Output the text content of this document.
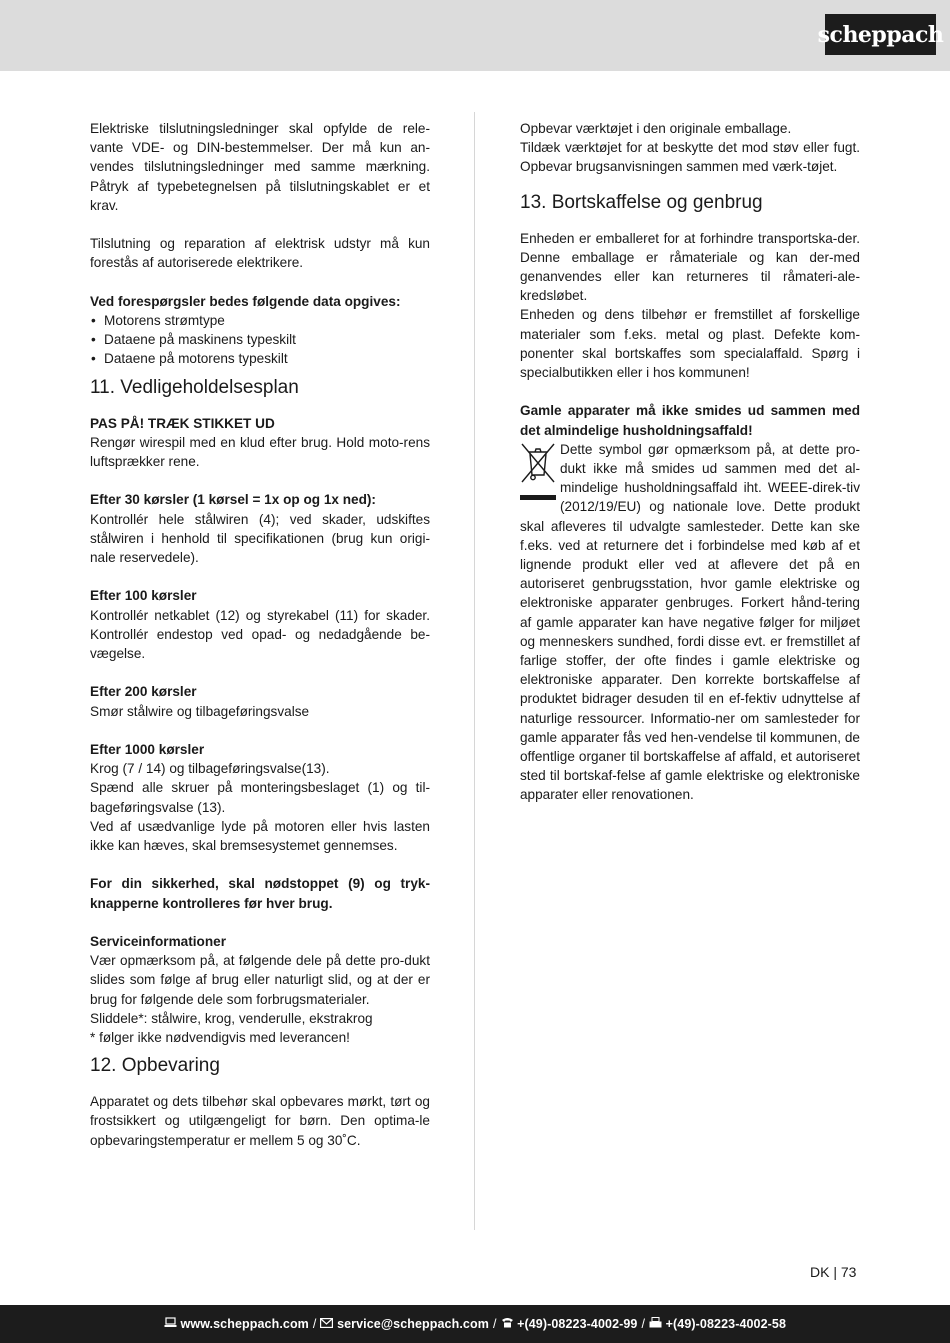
scheppach

Elektriske tilslutningsledninger skal opfylde de rele-vante VDE- og DIN-bestemmelser. Der må kun an-vendes tilslutningsledninger med samme mærkning. Påtryk af typebetegnelsen på tilslutningskablet er et krav.

Tilslutning og reparation af elektrisk udstyr må kun forestås af autoriserede elektrikere.

Ved forespørgsler bedes følgende data opgives:

• Motorens strømtype
• Dataene på maskinens typeskilt
• Dataene på motorens typeskilt
11. Vedligeholdelsesplan

PAS PÅ! TRÆK STIKKET UD

Rengør wirespil med en klud efter brug. Hold moto-rens luftsprækker rene.

Efter 30 kørsler (1 kørsel = 1x op og 1x ned):

Kontrollér hele stålwiren (4); ved skader, udskiftes stålwiren i henhold til specifikationen (brug kun origi-nale reservedele).

Efter 100 kørsler

Kontrollér netkablet (12) og styrekabel (11) for skader. Kontrollér endestop ved opad- og nedadgående be-vægelse.

Efter 200 kørsler

Smør stålwire og tilbageføringsvalse

Efter 1000 kørsler

Krog (7 / 14) og tilbageføringsvalse(13).

Spænd alle skruer på monteringsbeslaget (1) og til-bageføringsvalse (13).

Ved af usædvanlige lyde på motoren eller hvis lasten ikke kan hæves, skal bremsesystemet gennemses.

For din sikkerhed, skal nødstoppet (9) og tryk-knapperne kontrolleres før hver brug.

Serviceinformationer

Vær opmærksom på, at følgende dele på dette pro-dukt slides som følge af brug eller naturligt slid, og at der er brug for følgende dele som forbrugsmaterialer.

Sliddele*: stålwire, krog, venderulle, ekstrakrog

* følger ikke nødvendigvis med leverancen!

12. Opbevaring

Apparatet og dets tilbehør skal opbevares mørkt, tørt og frostsikkert og utilgængeligt for børn. Den optima-le opbevaringstemperatur er mellem 5 og 30˚C.

Opbevar værktøjet i den originale emballage.

Tildæk værktøjet for at beskytte det mod støv eller fugt. Opbevar brugsanvisningen sammen med værk-tøjet.

13. Bortskaffelse og genbrug

Enheden er emballeret for at forhindre transportska-der. Denne emballage er råmateriale og kan der-med genanvendes eller kan returneres til råmateri-ale-kredsløbet.

Enheden og dens tilbehør er fremstillet af forskellige materialer som f.eks. metal og plast. Defekte kom-ponenter skal bortskaffes som specialaffald. Spørg i specialbutikken eller i hos kommunen!

Gamle apparater må ikke smides ud sammen med det almindelige husholdningsaffald!

Dette symbol gør opmærksom på, at dette pro-dukt ikke må smides ud sammen med det al-mindelige husholdningsaffald iht. WEEE-direk-tiv (2012/19/EU) og nationale love. Dette produkt skal afleveres til udvalgte samlesteder. Dette kan ske f.eks. ved at returnere det i forbindelse med køb af et lignende produkt eller ved at aflevere det på en autoriseret genbrugsstation, hvor gamle elektriske og elektroniske apparater genbruges. Forkert hånd-tering af gamle apparater kan have negative følger for miljøet og menneskers sundhed, fordi disse evt. er fremstillet af farlige stoffer, der ofte findes i gamle elektriske og elektroniske apparater. Den korrekte bortskaffelse af produktet bidrager desuden til en ef-fektiv udnyttelse af naturlige ressourcer. Informatio-ner om samlesteder for gamle apparater fås ved hen-vendelse til kommunen, de offentlige organer til bortskaffelse af affald, et autoriseret sted til bortskaf-felse af gamle elektriske og elektroniske apparater eller renovationen.

DK | 73

www.scheppach.com /
service@scheppach.com /
+(49)-08223-4002-99 /
+(49)-08223-4002-58
